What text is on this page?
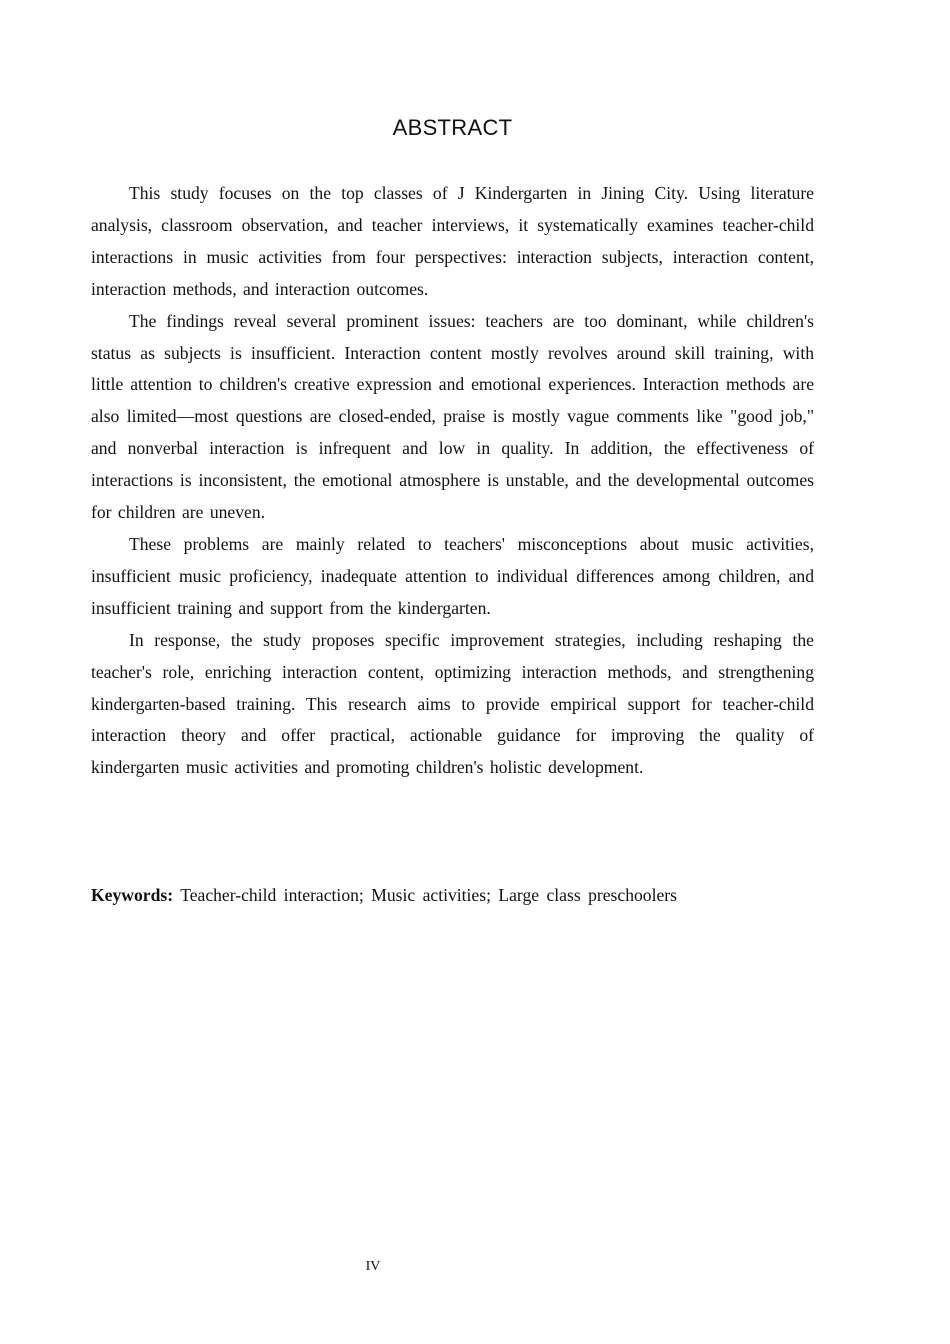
ABSTRACT

This study focuses on the top classes of J Kindergarten in Jining City. Using literature analysis, classroom observation, and teacher interviews, it systematically examines teacher-child interactions in music activities from four perspectives: interaction subjects, interaction content, interaction methods, and interaction outcomes.

The findings reveal several prominent issues: teachers are too dominant, while children's status as subjects is insufficient. Interaction content mostly revolves around skill training, with little attention to children's creative expression and emotional experiences. Interaction methods are also limited—most questions are closed-ended, praise is mostly vague comments like "good job," and nonverbal interaction is infrequent and low in quality. In addition, the effectiveness of interactions is inconsistent, the emotional atmosphere is unstable, and the developmental outcomes for children are uneven.

These problems are mainly related to teachers' misconceptions about music activities, insufficient music proficiency, inadequate attention to individual differences among children, and insufficient training and support from the kindergarten.

In response, the study proposes specific improvement strategies, including reshaping the teacher's role, enriching interaction content, optimizing interaction methods, and strengthening kindergarten-based training. This research aims to provide empirical support for teacher-child interaction theory and offer practical, actionable guidance for improving the quality of kindergarten music activities and promoting children's holistic development.

Keywords: Teacher-child interaction; Music activities; Large class preschoolers

IV
